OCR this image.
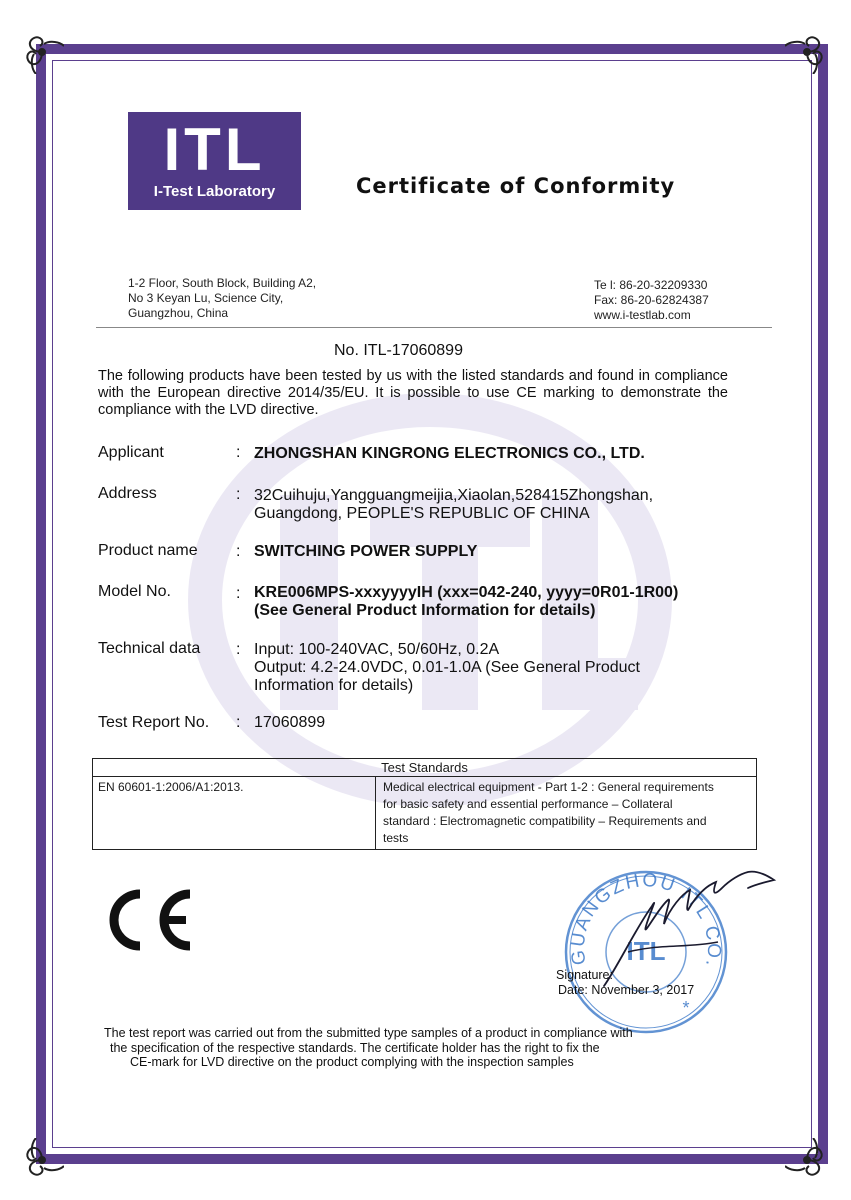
ITL
I-Test Laboratory	Certificate of Conformity
1-2 Floor, South Block, Building A2,
No 3 Keyan Lu, Science City,
Guangzhou, China
Te l: 86-20-32209330
Fax: 86-20-62824387
www.i-testlab.com
No. ITL-17060899
The following products have been tested by us with the listed standards and found in compliance with the European directive 2014/35/EU. It is possible to use CE marking to demonstrate the compliance with the LVD directive.
Applicant	: ZHONGSHAN KINGRONG ELECTRONICS CO., LTD.
Address	: 32Cuihuju,Yangguangmeijia,Xiaolan,528415Zhongshan,
Guangdong, PEOPLE'S REPUBLIC OF CHINA
Product name : SWITCHING POWER SUPPLY
Model No.	: KRE006MPS-xxxyyyyIH (xxx=042-240, yyyy=0R01-1R00)
(See General Product Information for details)
Technical data : Input: 100-240VAC, 50/60Hz, 0.2A
Output: 4.2-24.0VDC, 0.01-1.0A (See General Product
Information for details)
Test Report No. : 17060899
Test Standards
EN 60601-1:2006/A1:2013.	Medical electrical equipment - Part 1-2 : General requirements
for basic safety and essential performance – Collateral
standard : Electromagnetic compatibility – Requirements and
tests
GUANGZHOU ITL CO.
ITL
*
Signature:
Date: November 3, 2017
The test report was carried out from the submitted type samples of a product in compliance with
the specification of the respective standards. The certificate holder has the right to fix the
CE-mark for LVD directive on the product complying with the inspection samples
